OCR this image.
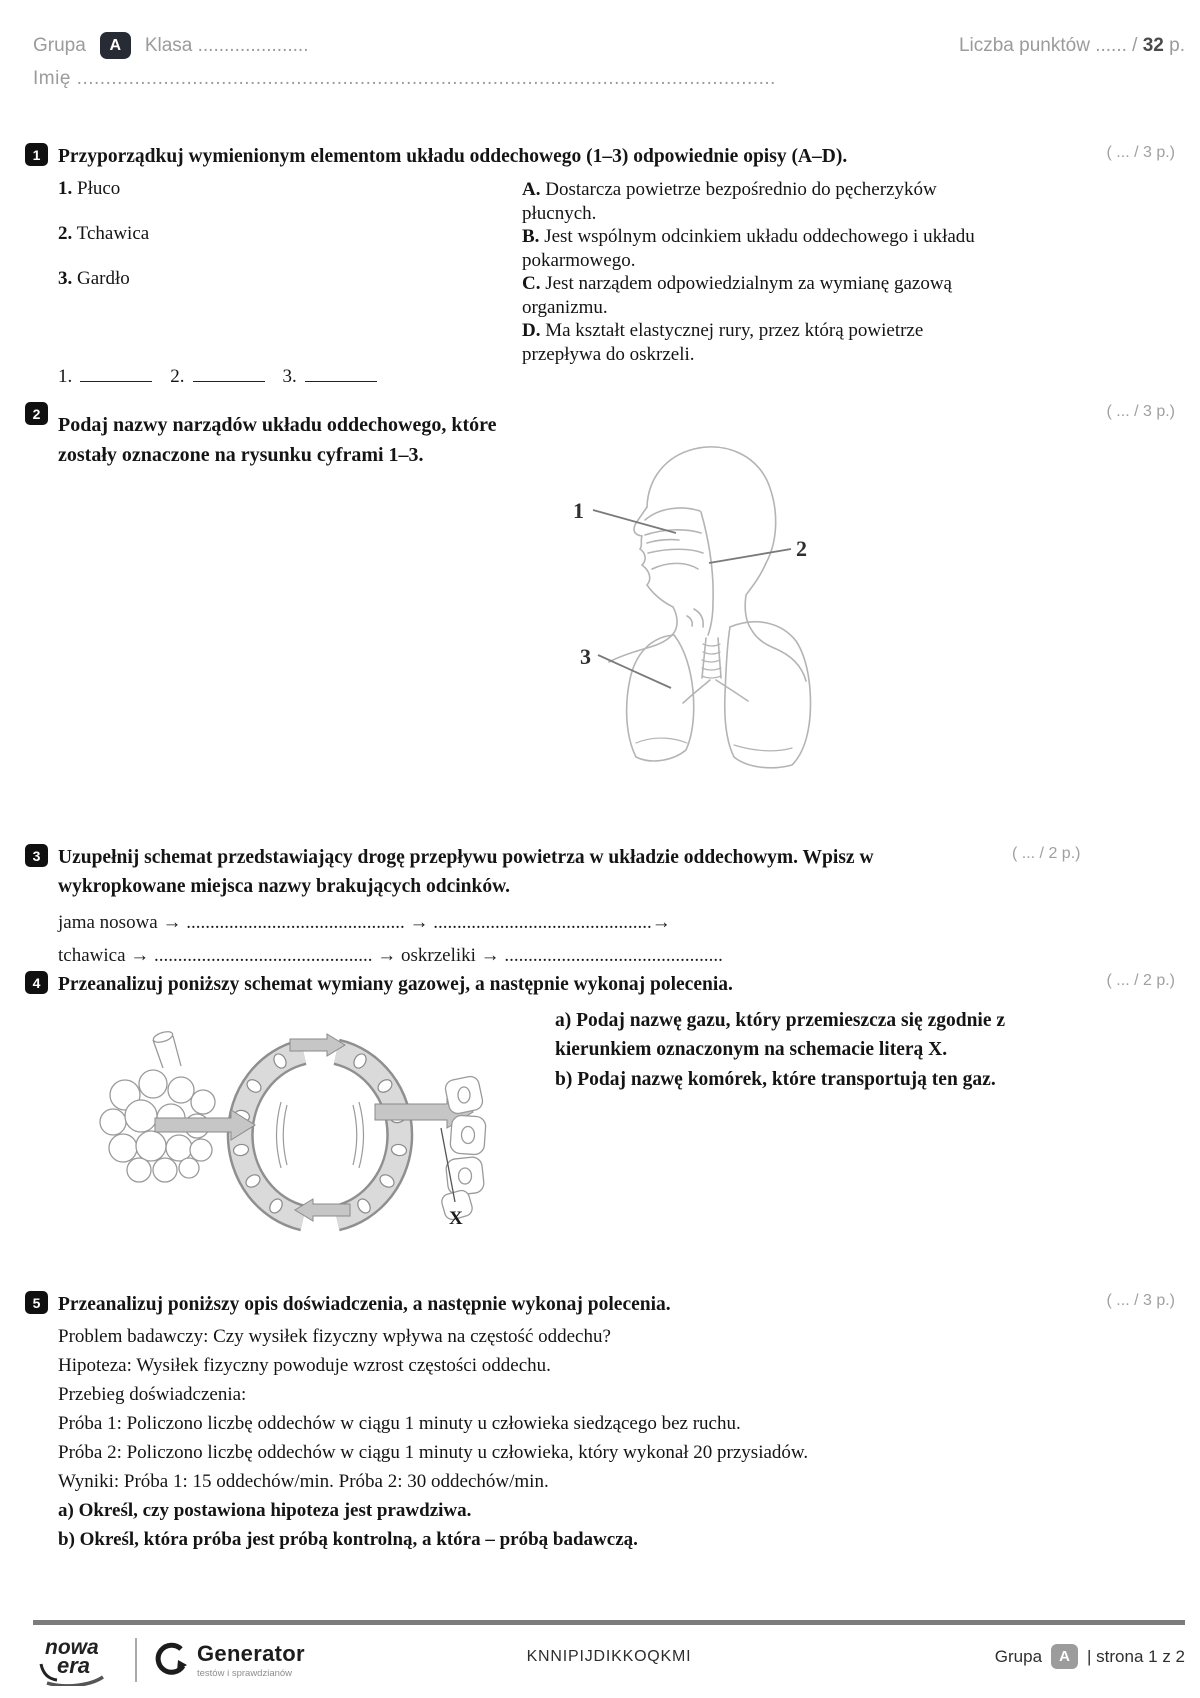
Grupa	A	Klasa .....................	Liczba punktów ...... / 32 p.
Imię .........................................................................................................................
1 Przyporządkuj wymienionym elementom układu oddechowego (1–3) odpowiednie opisy (A–D).	( ... / 3 p.)

1. Płuco

2. Tchawica

3. Gardło

A. Dostarcza powietrze bezpośrednio do pęcherzyków płucnych.

B. Jest wspólnym odcinkiem układu oddechowego i układu pokarmowego.

C. Jest narządem odpowiedzialnym za wymianę gazową organizmu.

D. Ma kształt elastycznej rury, przez którą powietrze przepływa do oskrzeli.

1.	2.	3.
2	( ... / 3 p.)
Podaj nazwy narządów układu oddechowego, które zostały oznaczone na rysunku cyframi 1–3.
1
2
3
3 Uzupełnij schemat przedstawiający drogę przepływu powietrza w układzie oddechowym. Wpisz w wykropkowane miejsca nazwy brakujących odcinków.
( ... / 2 p.)

jama nosowa → .............................................. → ..............................................→

tchawica → .............................................. → oskrzeliki → ..............................................

4 Przeanalizuj poniższy schemat wymiany gazowej, a następnie wykonaj polecenia.	( ... / 2 p.)
X

a) Podaj nazwę gazu, który przemieszcza się zgodnie z kierunkiem oznaczonym na schemacie literą X.

b) Podaj nazwę komórek, które transportują ten gaz.

5 Przeanalizuj poniższy opis doświadczenia, a następnie wykonaj polecenia.	( ... / 3 p.)

Problem badawczy: Czy wysiłek fizyczny wpływa na częstość oddechu?

Hipoteza: Wysiłek fizyczny powoduje wzrost częstości oddechu.

Przebieg doświadczenia:

Próba 1: Policzono liczbę oddechów w ciągu 1 minuty u człowieka siedzącego bez ruchu.

Próba 2: Policzono liczbę oddechów w ciągu 1 minuty u człowieka, który wykonał 20 przysiadów.

Wyniki: Próba 1: 15 oddechów/min. Próba 2: 30 oddechów/min.

a) Określ, czy postawiona hipoteza jest prawdziwa.

b) Określ, która próba jest próbą kontrolną, a która – próbą badawczą.

nowa
era	Generator
testów i sprawdzianów
KNNIPIJDIKKOQKMI	Grupa	A	| strona 1 z 2
